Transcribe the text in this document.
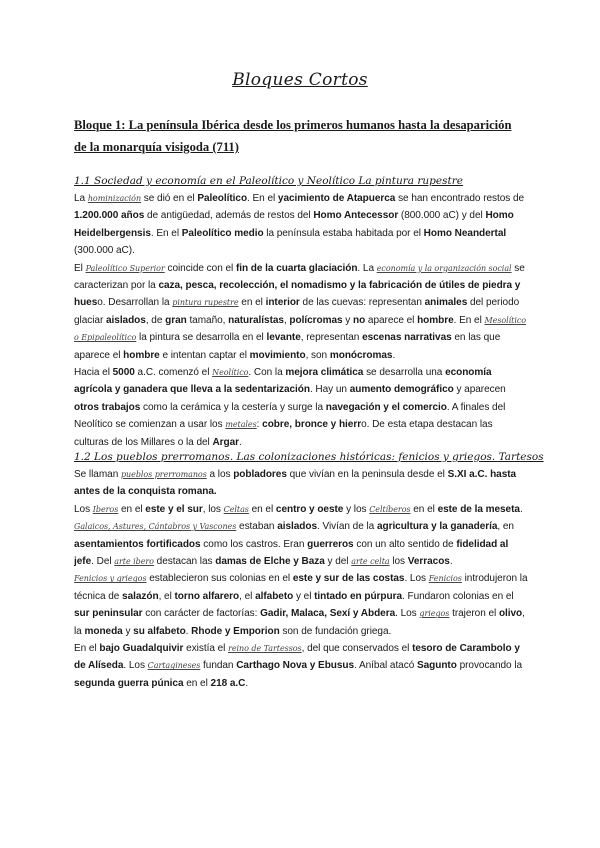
Bloques Cortos
Bloque 1: La península Ibérica desde los primeros humanos hasta la desaparición de la monarquía visigoda (711)
1.1 Sociedad y economía en el Paleolítico y Neolítico La pintura rupestre

La hominización se dió en el Paleolítico. En el yacimiento de Atapuerca se han encontrado restos de 1.200.000 años de antigüedad, además de restos del Homo Antecessor (800.000 aC) y del Homo Heidelbergensis. En el Paleolítico medio la península estaba habitada por el Homo Neandertal (300.000 aC).

El Paleolítico Superior coincide con el fin de la cuarta glaciación. La economía y la organización social se caracterizan por la caza, pesca, recolección, el nomadismo y la fabricación de útiles de piedra y hueso. Desarrollan la pintura rupestre en el interior de las cuevas: representan animales del periodo glaciar aislados, de gran tamaño, naturalístas, polícromas y no aparece el hombre. En el Mesolítico o Epipaleolítico la pintura se desarrolla en el levante, representan escenas narrativas en las que aparece el hombre e intentan captar el movimiento, son monócromas.

Hacia el 5000 a.C. comenzó el Neolítico. Con la mejora climática se desarrolla una economía agrícola y ganadera que lleva a la sedentarización. Hay un aumento demográfico y aparecen otros trabajos como la cerámica y la cestería y surge la navegación y el comercio. A finales del Neolítico se comienzan a usar los metales: cobre, bronce y hierro. De esta etapa destacan las culturas de los Millares o la del Argar.

1.2 Los pueblos prerromanos. Las colonizaciones históricas: fenicios y griegos. Tartesos

Se llaman pueblos prerromanos a los pobladores que vivían en la peninsula desde el S.XI a.C. hasta antes de la conquista romana.

Los Iberos en el este y el sur, los Celtas en el centro y oeste y los Celtíberos en el este de la meseta. Galaicos, Astures, Cántabros y Vascones estaban aislados. Vivían de la agricultura y la ganadería, en asentamientos fortificados como los castros. Eran guerreros con un alto sentido de fidelidad al jefe. Del arte ibero destacan las damas de Elche y Baza y del arte celta los Verracos.

Fenicios y griegos establecieron sus colonias en el este y sur de las costas. Los Fenicios introdujeron la técnica de salazón, el torno alfarero, el alfabeto y el tintado en púrpura. Fundaron colonias en el sur peninsular con carácter de factorías: Gadir, Malaca, Sexí y Abdera. Los griegos trajeron el olivo, la moneda y su alfabeto. Rhode y Emporion son de fundación griega.

En el bajo Guadalquivir existía el reino de Tartessos, del que conservados el tesoro de Carambolo y de Alíseda. Los Cartagineses fundan Carthago Nova y Ebusus. Aníbal atacó Sagunto provocando la segunda guerra púnica en el 218 a.C.
